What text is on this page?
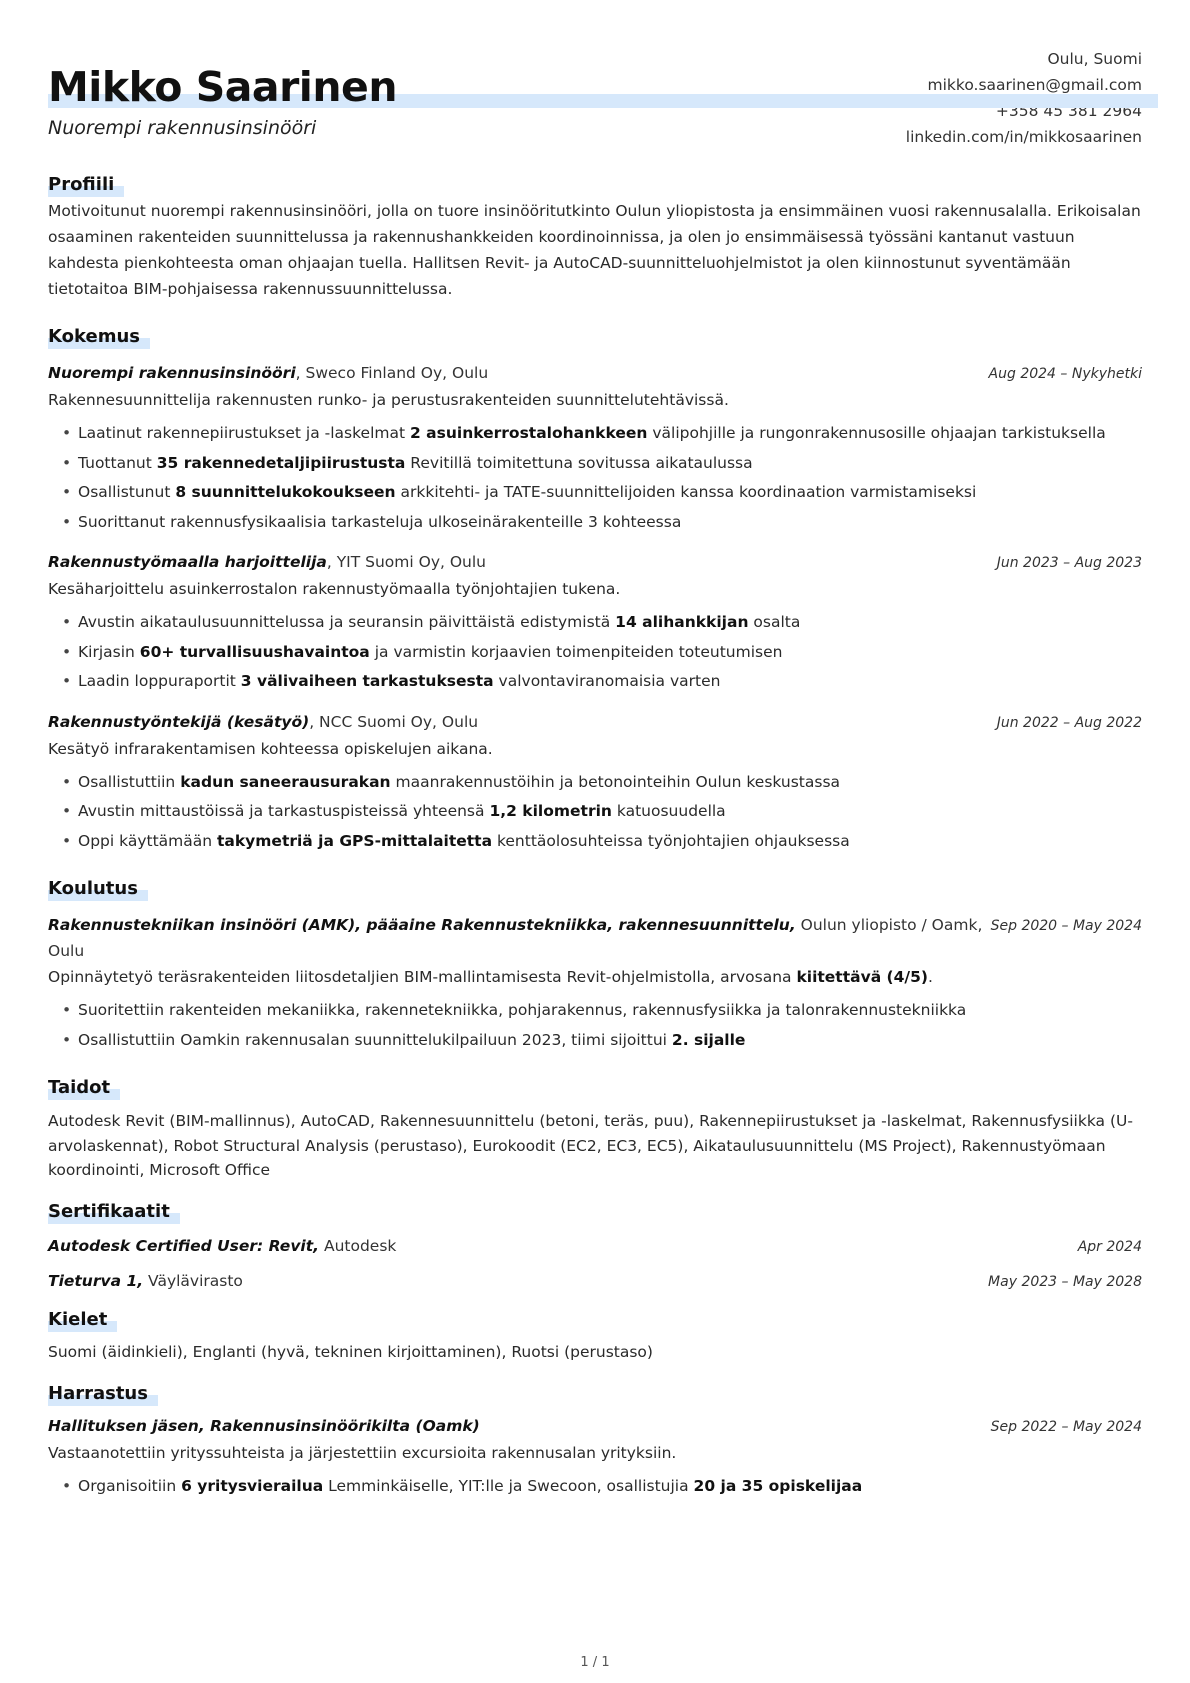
Mikko Saarinen
Nuorempi rakennusinsinööri
Oulu, Suomi
mikko.saarinen@gmail.com
+358 45 381 2964
linkedin.com/in/mikkosaarinen
Profiili

Motivoitunut nuorempi rakennusinsinööri, jolla on tuore insinööritutkinto Oulun yliopistosta ja ensimmäinen vuosi rakennusalalla. Erikoisalan osaaminen rakenteiden suunnittelussa ja rakennushankkeiden koordinoinnissa, ja olen jo ensimmäisessä työssäni kantanut vastuun kahdesta pienkohteesta oman ohjaajan tuella. Hallitsen Revit- ja AutoCAD-suunnitteluohjelmistot ja olen kiinnostunut syventämään tietotaitoa BIM-pohjaisessa rakennussuunnittelussa.

Kokemus
Nuorempi rakennusinsinööri, Sweco Finland Oy, Oulu	Aug 2024 – Nykyhetki

Rakennesuunnittelija rakennusten runko- ja perustusrakenteiden suunnittelutehtävissä.

• Laatinut rakennepiirustukset ja -laskelmat 2 asuinkerrostalohankkeen välipohjille ja rungonrakennusosille ohjaajan tarkistuksella
• Tuottanut 35 rakennedetaljipiirustusta Revitillä toimitettuna sovitussa aikataulussa
• Osallistunut 8 suunnittelukokoukseen arkkitehti- ja TATE-suunnittelijoiden kanssa koordinaation varmistamiseksi
• Suorittanut rakennusfysikaalisia tarkasteluja ulkoseinärakenteille 3 kohteessa
Rakennustyömaalla harjoittelija, YIT Suomi Oy, Oulu	Jun 2023 – Aug 2023

Kesäharjoittelu asuinkerrostalon rakennustyömaalla työnjohtajien tukena.

• Avustin aikataulusuunnittelussa ja seuransin päivittäistä edistymistä 14 alihankkijan osalta
• Kirjasin 60+ turvallisuushavaintoa ja varmistin korjaavien toimenpiteiden toteutumisen
• Laadin loppuraportit 3 välivaiheen tarkastuksesta valvontaviranomaisia varten
Rakennustyöntekijä (kesätyö), NCC Suomi Oy, Oulu	Jun 2022 – Aug 2022

Kesätyö infrarakentamisen kohteessa opiskelujen aikana.

• Osallistuttiin kadun saneerausurakan maanrakennustöihin ja betonointeihin Oulun keskustassa
• Avustin mittaustöissä ja tarkastuspisteissä yhteensä 1,2 kilometrin katuosuudella
• Oppi käyttämään takymetriä ja GPS-mittalaitetta kenttäolosuhteissa työnjohtajien ohjauksessa
Koulutus
Rakennustekniikan insinööri (AMK), pääaine Rakennustekniikka, rakennesuunnittelu, Oulun yliopisto / Oamk, Oulu
Sep 2020 – May 2024

Opinnäytetyö teräsrakenteiden liitosdetaljien BIM-mallintamisesta Revit-ohjelmistolla, arvosana kiitettävä (4/5).

• Suoritettiin rakenteiden mekaniikka, rakennetekniikka, pohjarakennus, rakennusfysiikka ja talonrakennustekniikka
• Osallistuttiin Oamkin rakennusalan suunnittelukilpailuun 2023, tiimi sijoittui 2. sijalle
Taidot

Autodesk Revit (BIM-mallinnus), AutoCAD, Rakennesuunnittelu (betoni, teräs, puu), Rakennepiirustukset ja -laskelmat, Rakennusfysiikka (U-arvolaskennat), Robot Structural Analysis (perustaso), Eurokoodit (EC2, EC3, EC5), Aikataulusuunnittelu (MS Project), Rakennustyömaan koordinointi, Microsoft Office

Sertifikaatit
Autodesk Certified User: Revit, Autodesk	Apr 2024
Tieturva 1, Väylävirasto	May 2023 – May 2028
Kielet

Suomi (äidinkieli), Englanti (hyvä, tekninen kirjoittaminen), Ruotsi (perustaso)

Harrastus
Hallituksen jäsen, Rakennusinsinöörikilta (Oamk)	Sep 2022 – May 2024

Vastaanotettiin yrityssuhteista ja järjestettiin excursioita rakennusalan yrityksiin.

• Organisoitiin 6 yritysvierailua Lemminkäiselle, YIT:lle ja Swecoon, osallistujia 20 ja 35 opiskelijaa
1 / 1
